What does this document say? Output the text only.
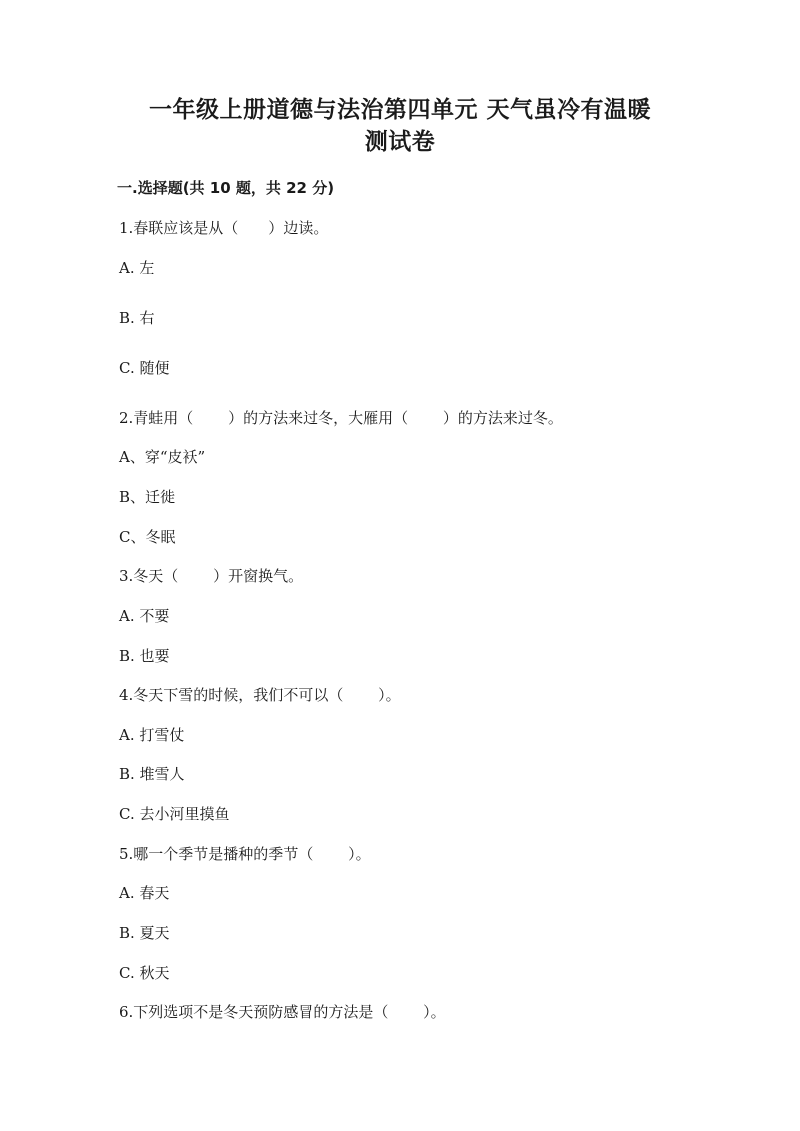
一年级上册道德与法治第四单元 天气虽冷有温暖
测试卷
一.选择题(共 10 题，共 22 分)
1.春联应该是从（　　）边读。
A. 左
B. 右
C. 随便
2.青蛙用（　　 ）的方法来过冬，大雁用（　　 ）的方法来过冬。
A、穿“皮袄”
B、迁徙
C、冬眠
3.冬天（　　 ）开窗换气。
A. 不要
B. 也要
4.冬天下雪的时候，我们不可以（　　 ）。
A. 打雪仗
B. 堆雪人
C. 去小河里摸鱼
5.哪一个季节是播种的季节（　　 ）。
A. 春天
B. 夏天
C. 秋天
6.下列选项不是冬天预防感冒的方法是（　　 ）。
